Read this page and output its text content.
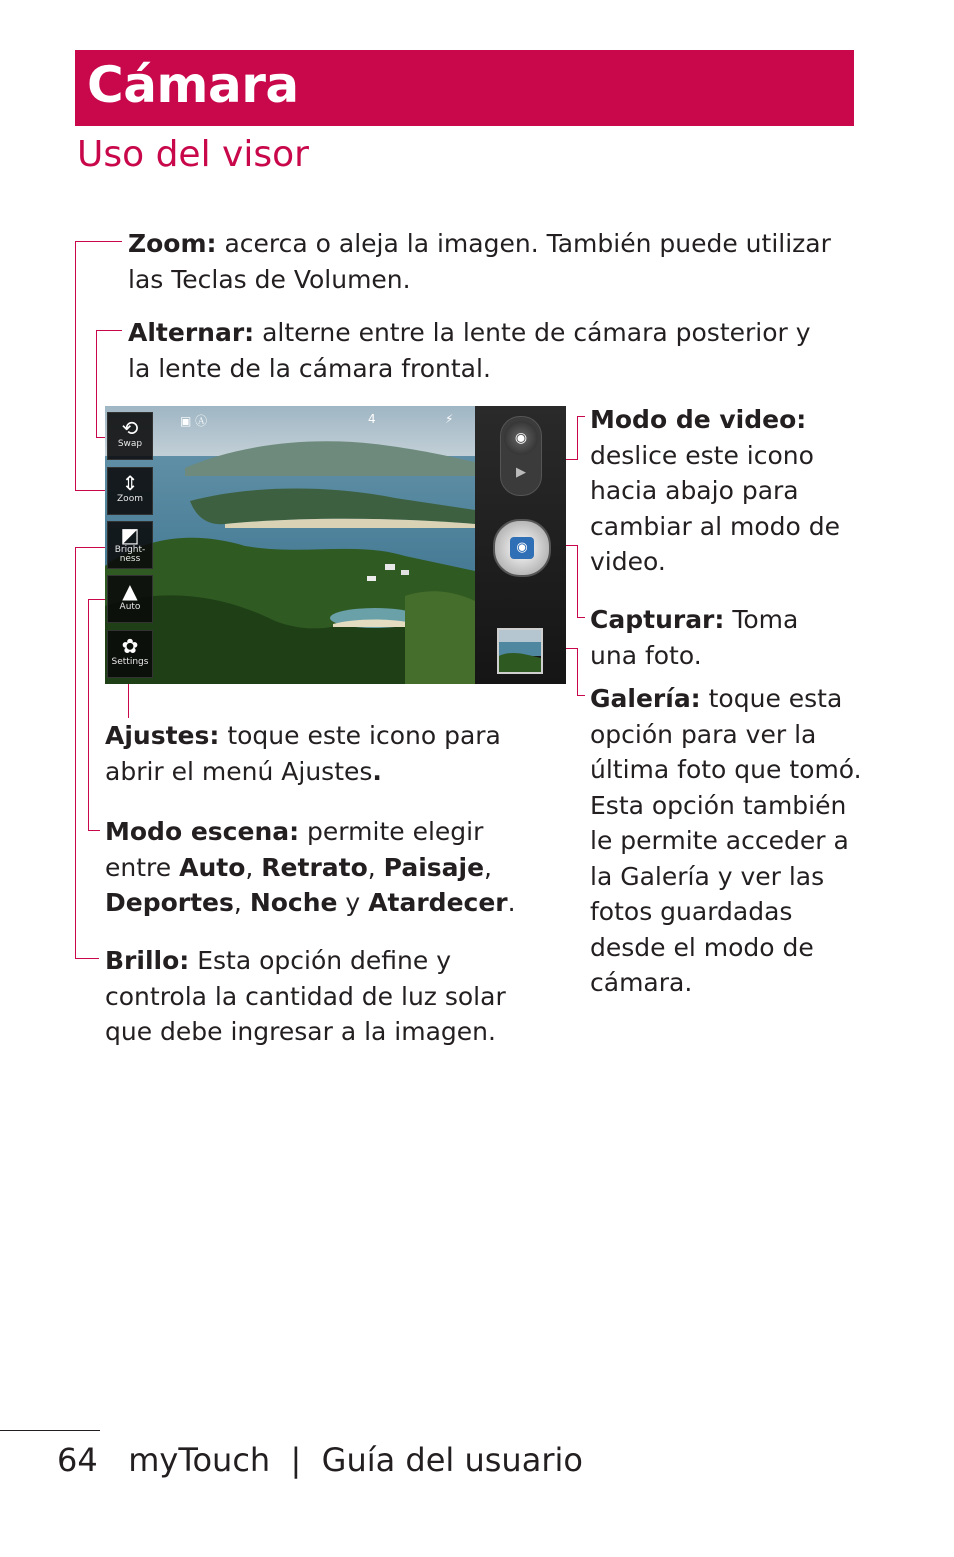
Cámara
Uso del visor

Zoom: acerca o aleja la imagen. También puede utilizar las Teclas de Volumen.

Alternar: alterne entre la lente de cámara posterior y la lente de la cámara frontal.

Modo de video: deslice este icono hacia abajo para cambiar al modo de video.

Capturar: Toma una foto.

Galería: toque esta opción para ver la última foto que tomó. Esta opción también le permite acceder a la Galería y ver las fotos guardadas desde el modo de cámara.

Ajustes: toque este icono para abrir el menú Ajustes.

Modo escena: permite elegir entre Auto, Retrato, Paisaje, Deportes, Noche y Atardecer.

Brillo: Esta opción define y controla la cantidad de luz solar que debe ingresar a la imagen.

▣ Ⓐ	4	⚡
⟲
Swap
⇕
Zoom
◩
Bright-
ness
▲
Auto
✿
Settings
◉
▶
◉

64 myTouch  |  Guía del usuario
